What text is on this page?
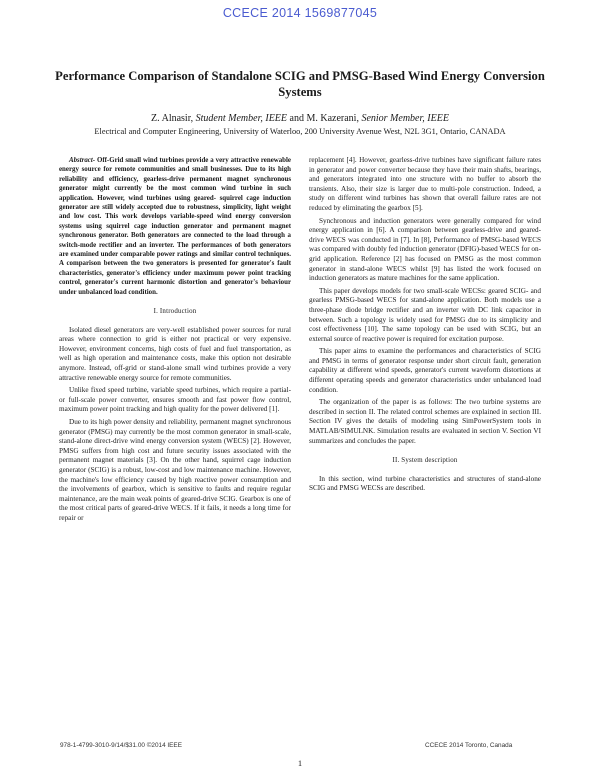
CCECE 2014 1569877045
Performance Comparison of Standalone SCIG and PMSG-Based Wind Energy Conversion Systems
Z. Alnasir, Student Member, IEEE and M. Kazerani, Senior Member, IEEE
Electrical and Computer Engineering, University of Waterloo, 200 University Avenue West, N2L 3G1, Ontario, CANADA

Abstract- Off-Grid small wind turbines provide a very attractive renewable energy source for remote communities and small businesses. Due to its high reliability and efficiency, gearless-drive permanent magnet synchronous generator might currently be the most common wind turbine in such application. However, wind turbines using geared- squirrel cage induction generator are still widely accepted due to robustness, simplicity, light weight and low cost. This work develops variable-speed wind energy conversion systems using squirrel cage induction generator and permanent magnet synchronous generator. Both generators are connected to the load through a switch-mode rectifier and an inverter. The performances of both generators are examined under comparable power ratings and similar control techniques. A comparison between the two generators is presented for generator's fault characteristics, generator's efficiency under maximum power point tracking control, generator's current harmonic distortion and generator's behaviour under unbalanced load condition.

I. Introduction

Isolated diesel generators are very-well established power sources for rural areas where connection to grid is either not practical or very expensive. However, environment concerns, high costs of fuel and fuel transportation, as well as high operation and maintenance costs, make this option not desirable anymore. Instead, off-grid or stand-alone small wind turbines provide a very attractive renewable energy source for remote communities.

Unlike fixed speed turbine, variable speed turbines, which require a partial- or full-scale power converter, ensures smooth and fast power flow control, maximum power point tracking and high quality for the power delivered [1].

Due to its high power density and reliability, permanent magnet synchronous generator (PMSG) may currently be the most common generator in small-scale, stand-alone direct-drive wind energy conversion system (WECS) [2]. However, PMSG suffers from high cost and future security issues associated with the permanent magnet materials [3]. On the other hand, squirrel cage induction generator (SCIG) is a robust, low-cost and low maintenance machine. However, the machine's low efficiency caused by high reactive power consumption and the involvements of gearbox, which is sensitive to faults and require regular maintenance, are the main weak points of geared-drive SCIG. Gearbox is one of the most critical parts of geared-drive WECS. If it fails, it needs a long time for repair or

replacement [4]. However, gearless-drive turbines have significant failure rates in generator and power converter because they have their main shafts, bearings, and generators integrated into one structure with no buffer to absorb the transients. Also, their size is larger due to multi-pole construction. Indeed, a study on different wind turbines has shown that overall failure rates are not reduced by eliminating the gearbox [5].

Synchronous and induction generators were generally compared for wind energy application in [6]. A comparison between gearless-drive and geared-drive WECS was conducted in [7]. In [8], Performance of PMSG-based WECS was compared with doubly fed induction generator (DFIG)-based WECS for on-grid application. Reference [2] has focused on PMSG as the most common generator in stand-alone WECS whilst [9] has listed the work focused on induction generators as mature machines for the same application.

This paper develops models for two small-scale WECSs: geared SCIG- and gearless PMSG-based WECS for stand-alone application. Both models use a three-phase diode bridge rectifier and an inverter with DC link capacitor in between. Such a topology is widely used for PMSG due to its simplicity and cost effectiveness [10]. The same topology can be used with SCIG, but an external source of reactive power is required for excitation purpose.

This paper aims to examine the performances and characteristics of SCIG and PMSG in terms of generator response under short circuit fault, generation capability at different wind speeds, generator's current waveform distortions at different operating speeds and generator characteristics under unbalanced load condition.

The organization of the paper is as follows: The two turbine systems are described in section II. The related control schemes are explained in section III. Section IV gives the details of modeling using SimPowerSystem tools in MATLAB/SIMULNK. Simulation results are evaluated in section V. Section VI summarizes and concludes the paper.

II. System description

In this section, wind turbine characteristics and structures of stand-alone SCIG and PMSG WECSs are described.

978-1-4799-3010-9/14/$31.00 ©2014 IEEE	CCECE 2014 Toronto, Canada
1
